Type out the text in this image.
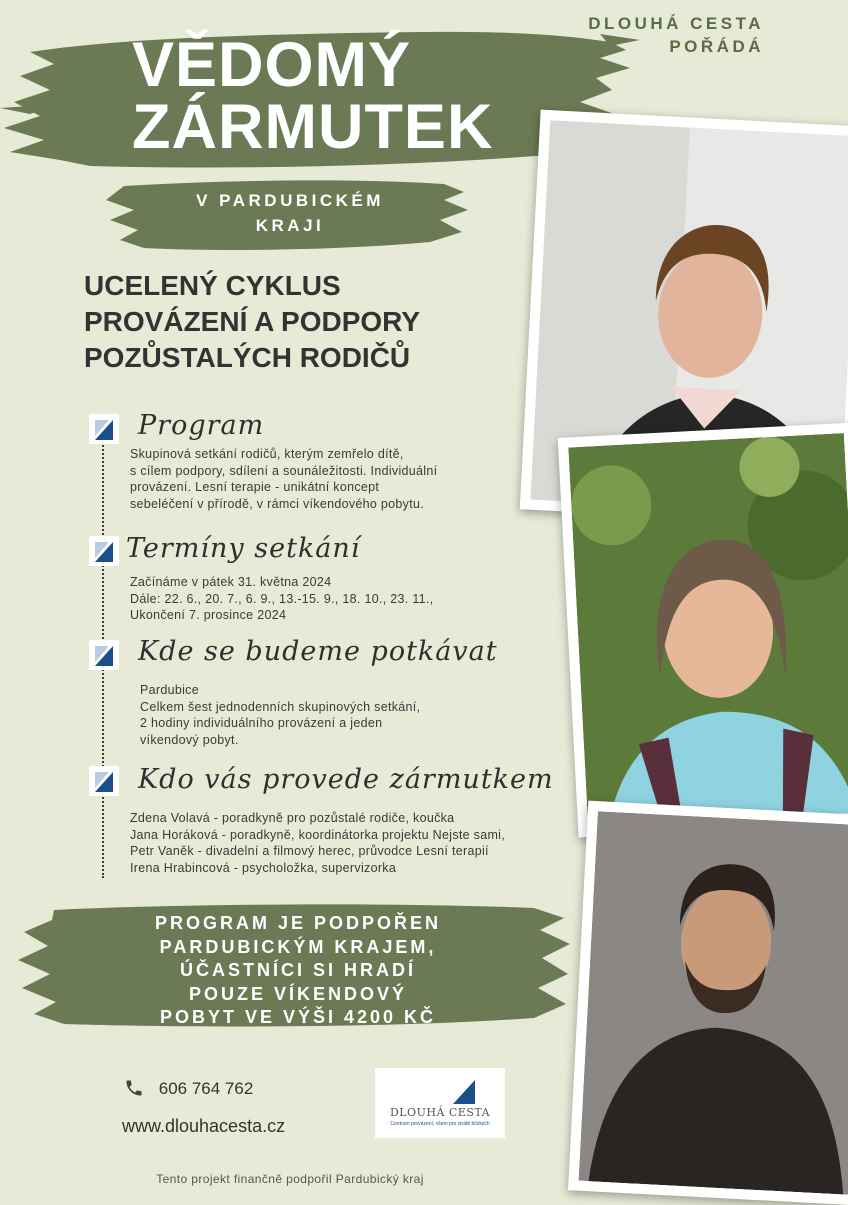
DLOUHÁ CESTA
POŘÁDÁ
VĚDOMÝ
ZÁRMUTEK
V PARDUBICKÉM
KRAJI
UCELENÝ CYKLUS
PROVÁZENÍ A PODPORY
POZŮSTALÝCH RODIČŮ
Program
Skupinová setkání rodičů, kterým zemřelo dítě,
s cílem podpory, sdílení a sounáležitosti. Individuální
provázení. Lesní terapie - unikátní koncept
sebeléčení v přírodě, v rámci víkendového pobytu.
Termíny setkání
Začínáme v pátek 31. května 2024
Dále: 22. 6., 20. 7., 6. 9., 13.-15. 9., 18. 10., 23. 11.,
Ukončení 7. prosince 2024
Kde se budeme potkávat
Pardubice
Celkem šest jednodenních skupinových setkání,
2 hodiny individuálního provázení a jeden
víkendový pobyt.
Kdo vás provede zármutkem
Zdena Volavá - poradkyně pro pozůstalé rodiče, koučka
Jana Horáková - poradkyně, koordinátorka projektu Nejste sami,
Petr Vaněk - divadelní a filmový herec, průvodce Lesní terapií
Irena Hrabincová - psycholožka, supervizorka
PROGRAM JE PODPOŘEN
PARDUBICKÝM KRAJEM,
ÚČASTNÍCI SI HRADÍ
POUZE VÍKENDOVÝ
POBYT VE VÝŠI 4200 KČ
606 764 762
www.dlouhacesta.cz
DLOUHÁ CESTA
Centrum provázení, všem pro ztrátě blízkých
Tento projekt finančně podpořil Pardubický kraj
